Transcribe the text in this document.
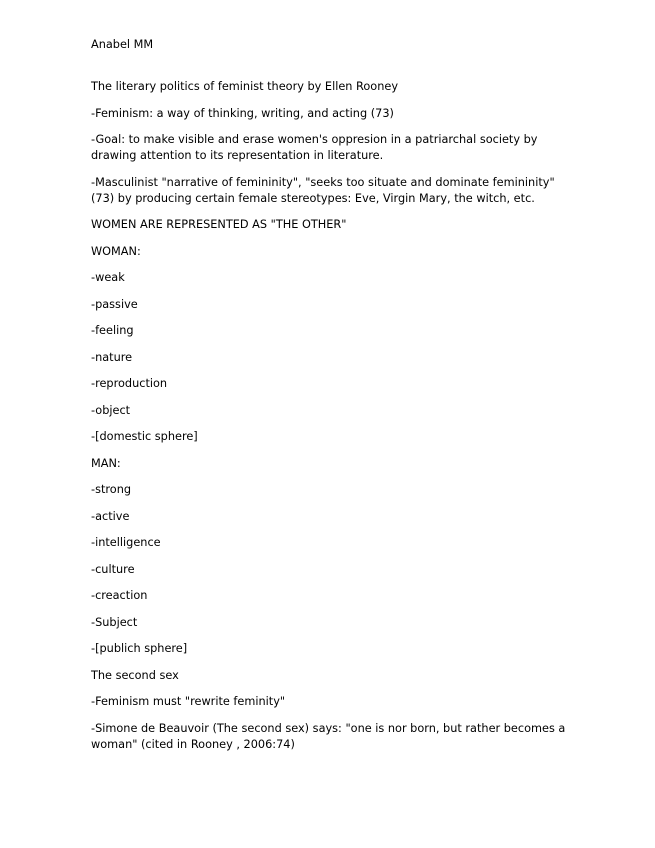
Anabel MM

The literary politics of feminist theory by Ellen Rooney

-Feminism: a way of thinking, writing, and acting (73)

-Goal: to make visible and erase women's oppresion in a patriarchal society by drawing attention to its representation in literature.

-Masculinist "narrative of femininity", "seeks too situate and dominate femininity" (73) by producing certain female stereotypes: Eve, Virgin Mary, the witch, etc.

WOMEN ARE REPRESENTED AS "THE OTHER"

WOMAN:

-weak

-passive

-feeling

-nature

-reproduction

-object

-[domestic sphere]

MAN:

-strong

-active

-intelligence

-culture

-creaction

-Subject

-[publich sphere]

The second sex

-Feminism must "rewrite feminity"

-Simone de Beauvoir (The second sex) says: "one is nor born, but rather becomes a woman" (cited in Rooney , 2006:74)
